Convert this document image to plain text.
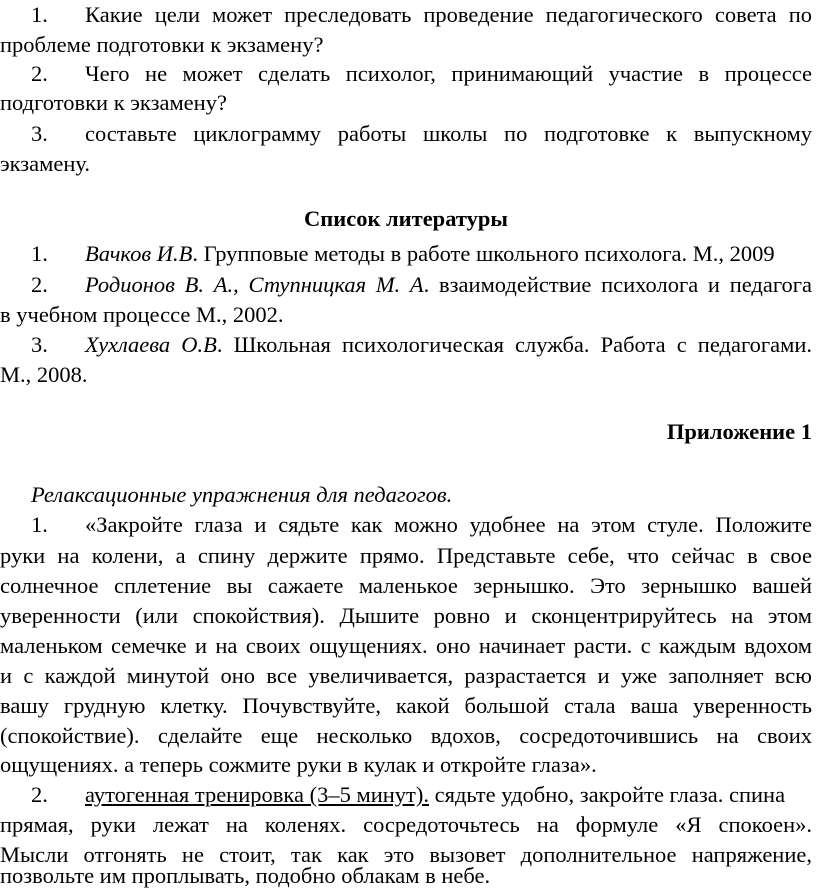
1. Какие цели может преследовать проведение педагогического совета по
проблеме подготовки к экзамену?
2. Чего не может сделать психолог, принимающий участие в процессе
подготовки к экзамену?
3. составьте циклограмму работы школы по подготовке к выпускному
экзамену.
Список литературы
1. Вачков И.В. Групповые методы в работе школьного психолога. М., 2009
2. Родионов В. А., Ступницкая М. А. взаимодействие психолога и педагога
в учебном процессе М., 2002.
3. Хухлаева О.В. Школьная психологическая служба. Работа с педагогами.
М., 2008.
Приложение 1
Релаксационные упражнения для педагогов.
1. «Закройте глаза и сядьте как можно удобнее на этом стуле. Положите
руки на колени, а спину держите прямо. Представьте себе, что сейчас в свое
солнечное сплетение вы сажаете маленькое зернышко. Это зернышко вашей
уверенности (или спокойствия). Дышите ровно и сконцентрируйтесь на этом
маленьком семечке и на своих ощущениях. оно начинает расти. с каждым вдохом
и с каждой минутой оно все увеличивается, разрастается и уже заполняет всю
вашу грудную клетку. Почувствуйте, какой большой стала ваша уверенность
(спокойствие). сделайте еще несколько вдохов, сосредоточившись на своих
ощущениях. а теперь сожмите руки в кулак и откройте глаза».
2. аутогенная тренировка (3–5 минут). сядьте удобно, закройте глаза. спина
прямая, руки лежат на коленях. сосредоточьтесь на формуле «Я спокоен».
Мысли отгонять не стоит, так как это вызовет дополнительное напряжение,
позвольте им проплывать, подобно облакам в небе.
